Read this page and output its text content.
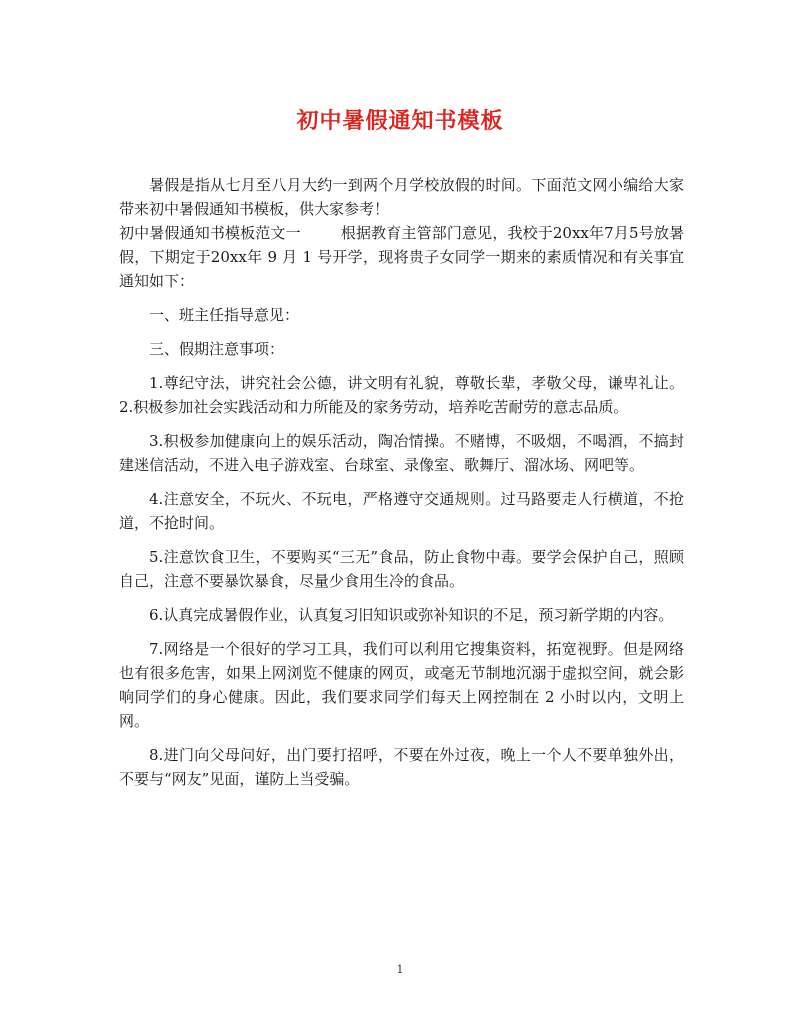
初中暑假通知书模板

暑假是指从七月至八月大约一到两个月学校放假的时间。下面范文网小编给大家带来初中暑假通知书模板，供大家参考！

初中暑假通知书模板范文一	根据教育主管部门意见，我校于20xx年7月5号放暑假，下期定于20xx年 9 月 1 号开学，现将贵子女同学一期来的素质情况和有关事宜通知如下：

一、班主任指导意见：

三、假期注意事项：

1.尊纪守法，讲究社会公德，讲文明有礼貌，尊敬长辈，孝敬父母，谦卑礼让。 2.积极参加社会实践活动和力所能及的家务劳动，培养吃苦耐劳的意志品质。

3.积极参加健康向上的娱乐活动，陶冶情操。不赌博，不吸烟，不喝酒，不搞封建迷信活动，不进入电子游戏室、台球室、录像室、歌舞厅、溜冰场、网吧等。

4.注意安全，不玩火、不玩电，严格遵守交通规则。过马路要走人行横道，不抢道，不抢时间。

5.注意饮食卫生，不要购买“三无”食品，防止食物中毒。要学会保护自己，照顾自己，注意不要暴饮暴食，尽量少食用生冷的食品。

6.认真完成暑假作业，认真复习旧知识或弥补知识的不足，预习新学期的内容。

7.网络是一个很好的学习工具，我们可以利用它搜集资料，拓宽视野。但是网络也有很多危害，如果上网浏览不健康的网页，或毫无节制地沉溺于虚拟空间，就会影响同学们的身心健康。因此，我们要求同学们每天上网控制在 2 小时以内，文明上网。

8.进门向父母问好，出门要打招呼，不要在外过夜，晚上一个人不要单独外出，不要与“网友”见面，谨防上当受骗。

1
